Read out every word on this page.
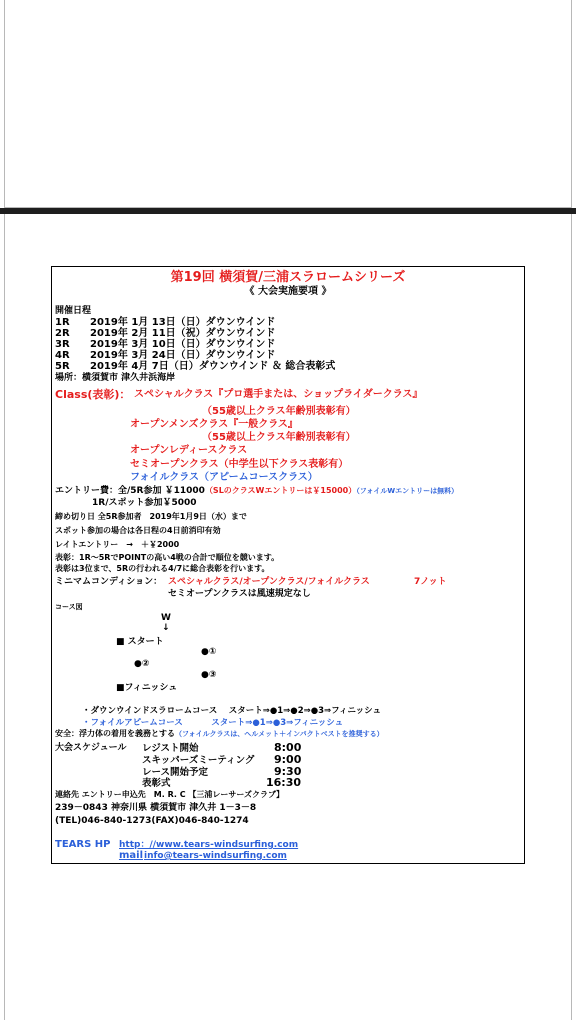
第19回 横須賀/三浦スラロームシリーズ
《 大会実施要項 》
開催日程
1R 2019年 1月 13日（日）ダウンウインド
2R 2019年 2月 11日（祝）ダウンウインド
3R 2019年 3月 10日（日）ダウンウインド
4R 2019年 3月 24日（日）ダウンウインド
5R 2019年 4月 7日（日）ダウンウインド ＆ 総合表彰式
場所：横須賀市 津久井浜海岸
Class(表彰)： スペシャルクラス『プロ選手または、ショップライダークラス』
（55歳以上クラス年齢別表彰有）
オープンメンズクラス『一般クラス』
（55歳以上クラス年齢別表彰有）
オープンレディースクラス
セミオープンクラス（中学生以下クラス表彰有）
フォイルクラス（アピームコースクラス）
エントリー費：全/5R参加 ￥11000（SLのクラスWエントリーは￥15000）（フォイルWエントリーは無料）
1R/スポット参加￥5000
締め切り日 全5R参加者　2019年1月9日（水）まで
スポット参加の場合は各日程の4日前消印有効
レイトエントリー　→　＋￥2000
表彰：1R～5RでPOINTの高い4戦の合計で順位を競います。
表彰は3位まで、5Rの行われる4/7に総合表彰を行います。
ミニマムコンディション： スペシャルクラス/オープンクラス/フォイルクラス	7ノット
セミオープンクラスは風速規定なし
コース図
W
↓
■ スタート
●①
●②
●③
■フィニッシュ
・ダウンウインドスラロームコース　 スタート⇒●1⇒●2⇒●3⇒フィニッシュ
・フォイルアピームコース　　　 スタート⇒●1⇒●3⇒フィニッシュ
安全：浮力体の着用を義務とする（フォイルクラスは、ヘルメット＋インパクトベストを推奨する）
大会スケジュール レジスト開始	8:00
スキッパーズミーティング 9:00
レース開始予定	9:30
表彰式	16:30
連絡先 エントリー申込先　M. R. C 【三浦レーサーズクラブ】
239－0843 神奈川県 横須賀市 津久井 1－3－8
(TEL)046-840-1273(FAX)046-840-1274
TEARS HP http：//www.tears-windsurfing.com
mail info@tears-windsurfing.com
